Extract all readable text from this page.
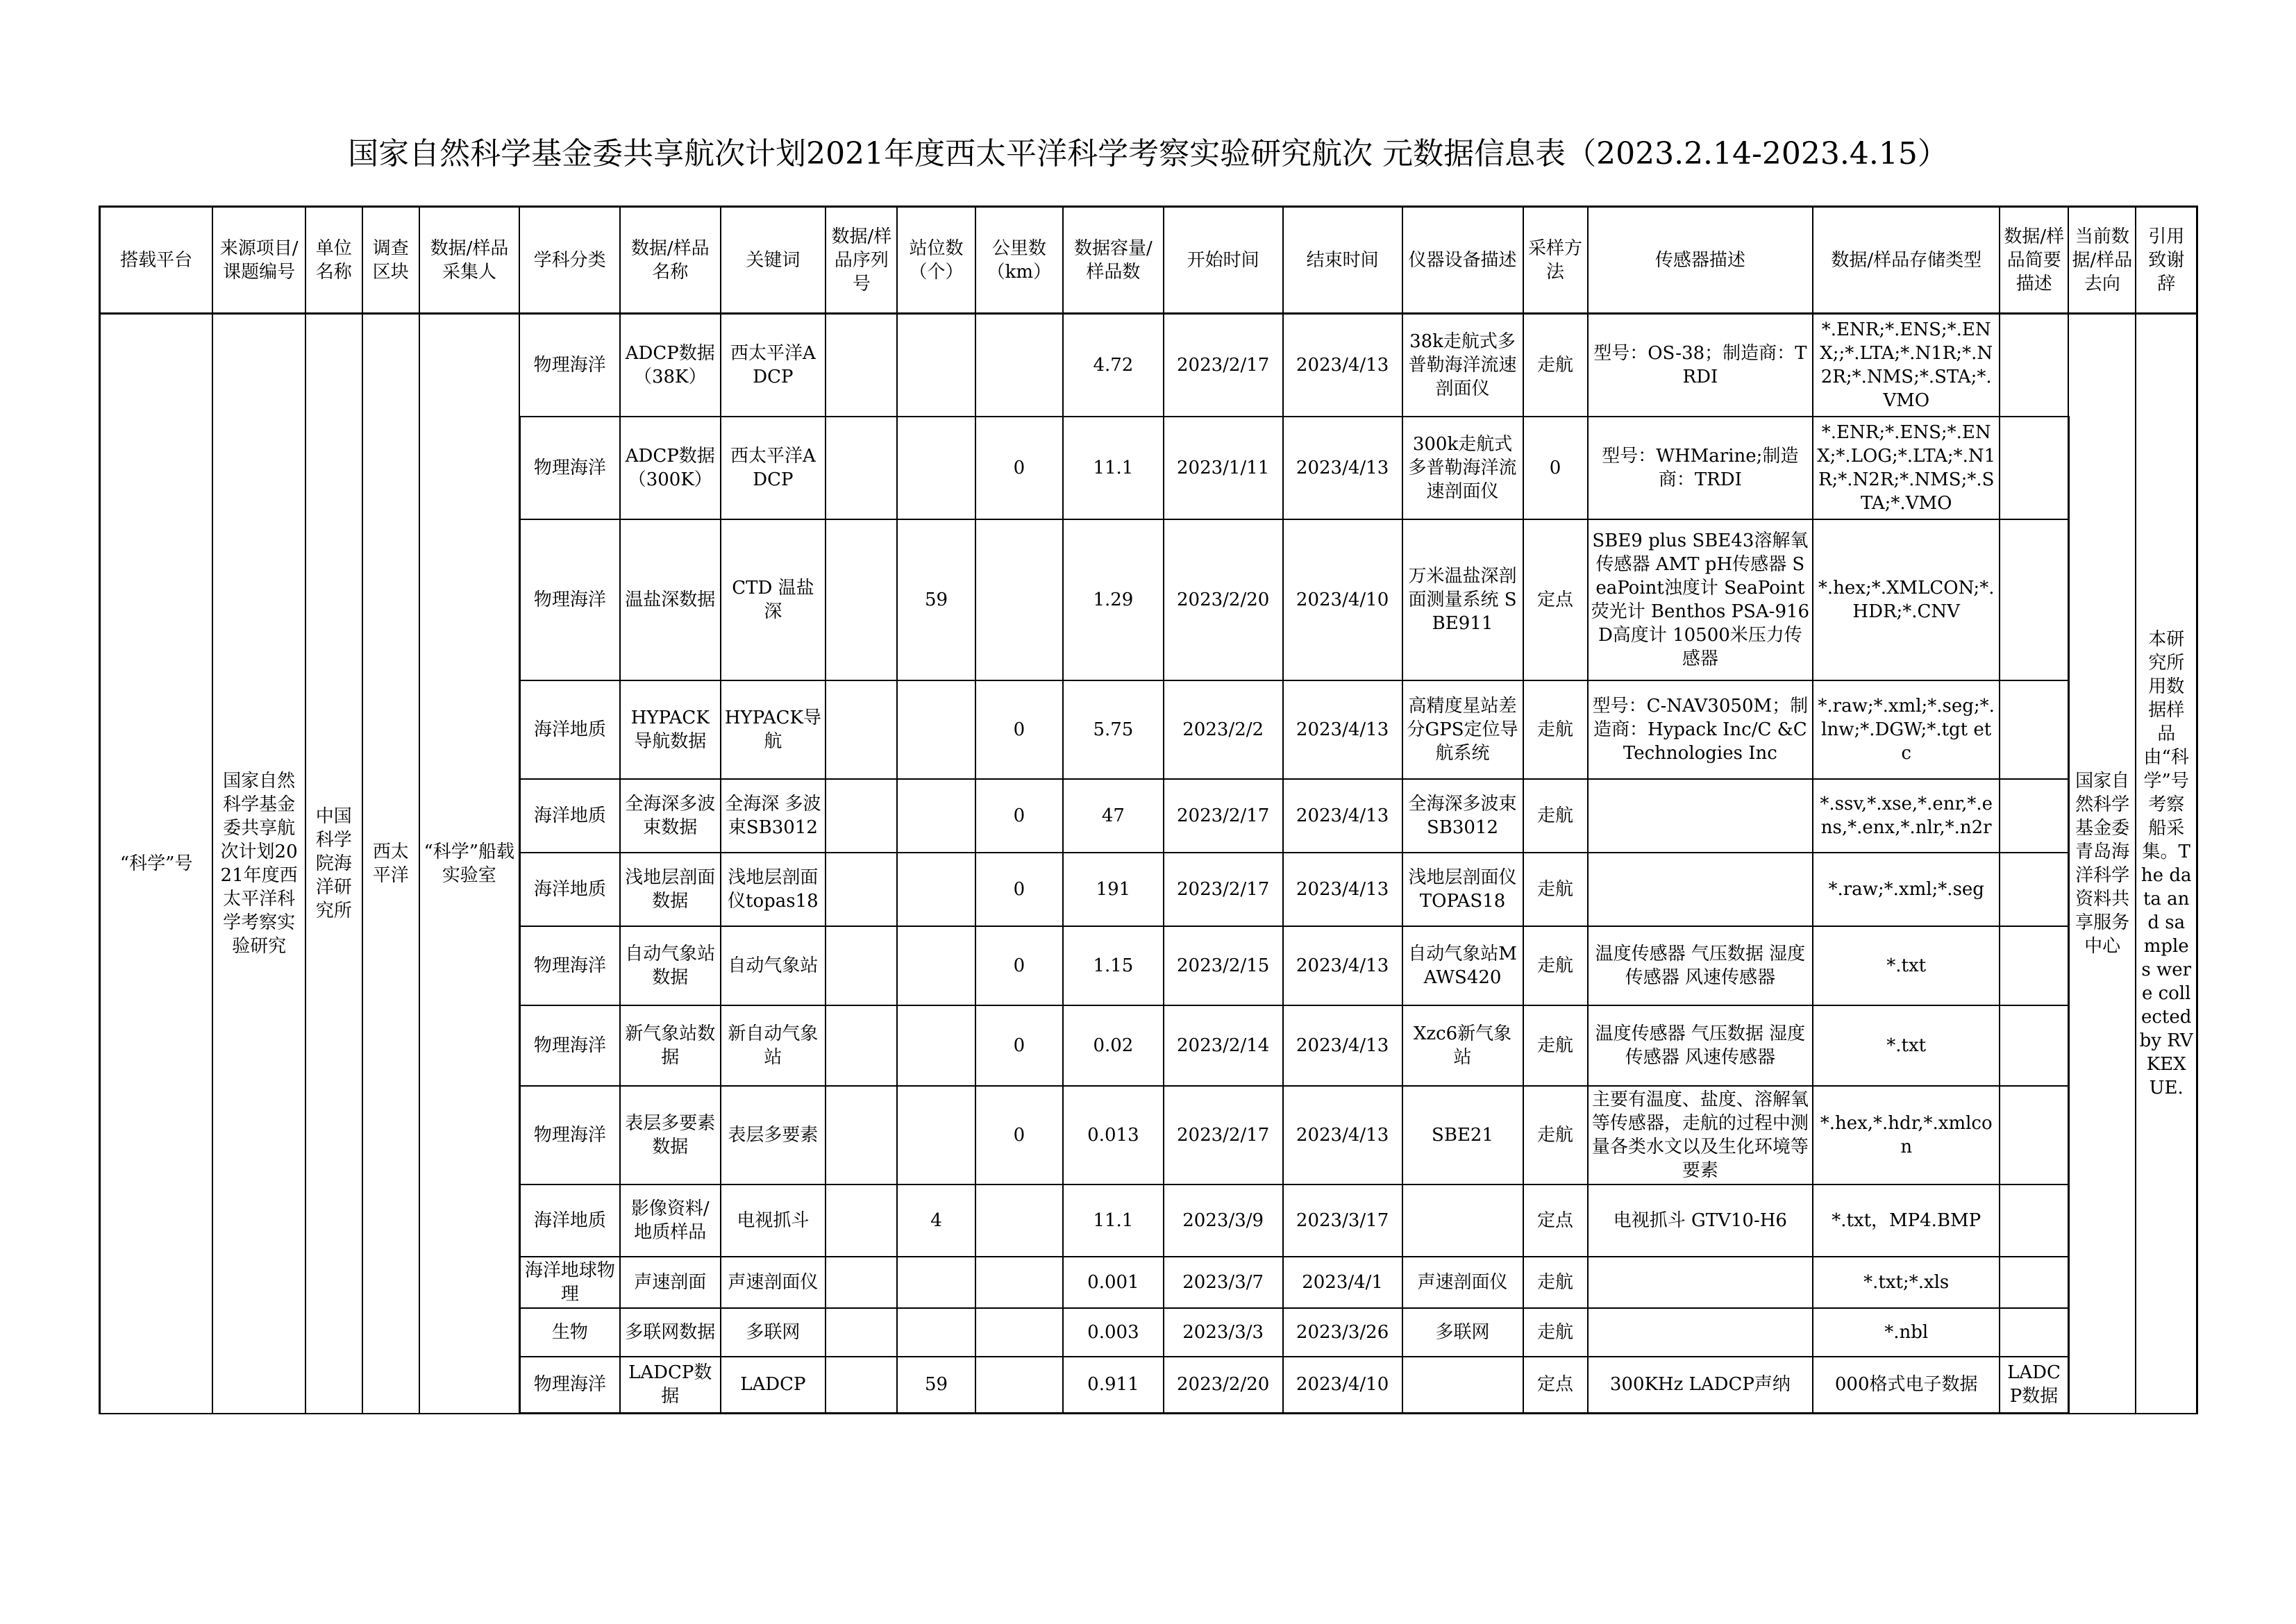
国家自然科学基金委共享航次计划2021年度西太平洋科学考察实验研究航次 元数据信息表（2023.2.14-2023.4.15）
搭载平台	来源项目/课题编号	单位名称	调查区块	数据/样品采集人	学科分类	数据/样品名称	关键词	数据/样品序列号	站位数（个）	公里数（km）	数据容量/样品数	开始时间	结束时间	仪器设备描述	采样方法	传感器描述	数据/样品存储类型	数据/样品简要描述	当前数据/样品去向	引用致谢辞
“科学”号	国家自然科学基金委共享航次计划2021年度西太平洋科学考察实验研究	中国科学院海洋研究所	西太平洋	“科学”船载实验室	物理海洋	ADCP数据（38K）	西太平洋ADCP				4.72	2023/2/17	2023/4/13	38k走航式多普勒海洋流速剖面仪	走航	型号：OS-38；制造商：TRDI	*.ENR;*.ENS;*.ENX;;*.LTA;*.N1R;*.N2R;*.NMS;*.STA;*.VMO		国家自然科学基金委青岛海洋科学资料共享服务中心	本研究所用数据样品由“科学”号考察船采集。The data and samples were collected by RV KEXUE.
					物理海洋	ADCP数据（300K）	西太平洋ADCP			0	11.1	2023/1/11	2023/4/13	300k走航式多普勒海洋流速剖面仪	0	型号：WHMarine;制造商：TRDI	*.ENR;*.ENS;*.ENX;*.LOG;*.LTA;*.N1R;*.N2R;*.NMS;*.STA;*.VMO			
					物理海洋	温盐深数据	CTD 温盐深		59		1.29	2023/2/20	2023/4/10	万米温盐深剖面测量系统 SBE911	定点	SBE9 plus SBE43溶解氧传感器 AMT pH传感器 SeaPoint浊度计 SeaPoint荧光计 Benthos PSA-916D高度计 10500米压力传感器	*.hex;*.XMLCON;*.HDR;*.CNV			
					海洋地质	HYPACK导航数据	HYPACK导航			0	5.75	2023/2/2	2023/4/13	高精度星站差分GPS定位导航系统	走航	型号：C-NAV3050M；制造商：Hypack Inc/C &C Technologies Inc	*.raw;*.xml;*.seg;*.lnw;*.DGW;*.tgt etc			
					海洋地质	全海深多波束数据	全海深 多波束SB3012			0	47	2023/2/17	2023/4/13	全海深多波束SB3012	走航		*.ssv,*.xse,*.enr,*.ens,*.enx,*.nlr,*.n2r			
					海洋地质	浅地层剖面数据	浅地层剖面仪topas18			0	191	2023/2/17	2023/4/13	浅地层剖面仪TOPAS18	走航		*.raw;*.xml;*.seg			
					物理海洋	自动气象站数据	自动气象站			0	1.15	2023/2/15	2023/4/13	自动气象站MAWS420	走航	温度传感器 气压数据 湿度传感器 风速传感器	*.txt			
					物理海洋	新气象站数据	新自动气象站			0	0.02	2023/2/14	2023/4/13	Xzc6新气象站	走航	温度传感器 气压数据 湿度传感器 风速传感器	*.txt			
					物理海洋	表层多要素数据	表层多要素			0	0.013	2023/2/17	2023/4/13	SBE21	走航	主要有温度、盐度、溶解氧等传感器，走航的过程中测量各类水文以及生化环境等要素	*.hex,*.hdr,*.xmlcon			
					海洋地质	影像资料/地质样品	电视抓斗		4		11.1	2023/3/9	2023/3/17		定点	电视抓斗 GTV10-H6	*.txt，MP4.BMP			
					海洋地球物理	声速剖面	声速剖面仪				0.001	2023/3/7	2023/4/1	声速剖面仪	走航		*.txt;*.xls			
					生物	多联网数据	多联网				0.003	2023/3/3	2023/3/26	多联网	走航		*.nbl			
					物理海洋	LADCP数据	LADCP		59		0.911	2023/2/20	2023/4/10		定点	300KHz LADCP声纳	000格式电子数据	LADCP数据		
